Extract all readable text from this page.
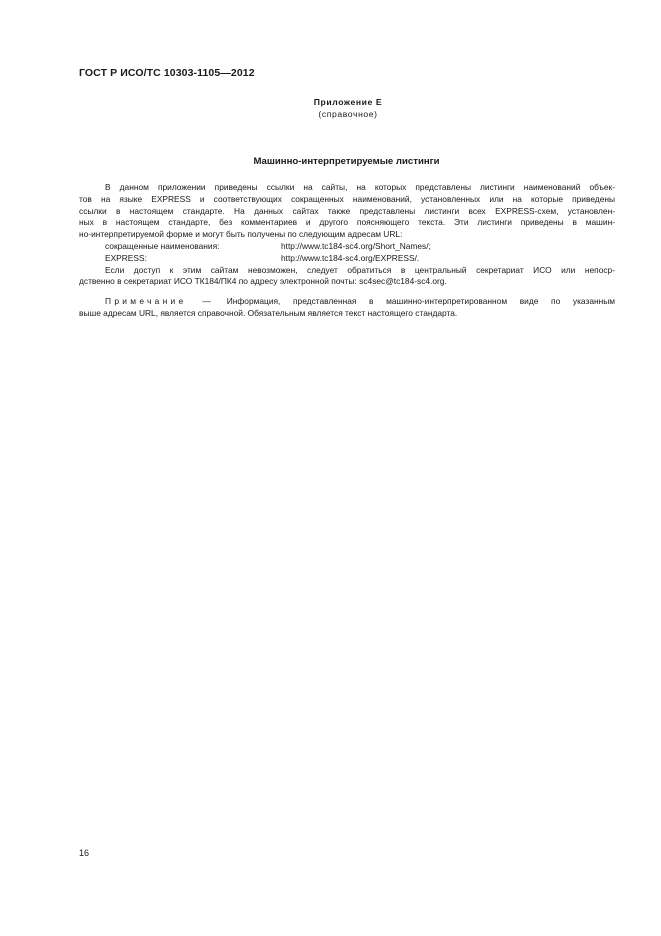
ГОСТ Р ИСО/ТС 10303-1105—2012
Приложение Е
(справочное)
Машинно-интерпретируемые листинги
В данном приложении приведены ссылки на сайты, на которых представлены листинги наименований объек-
тов на языке EXPRESS и соответствующих сокращенных наименований, установленных или на которые приведены
ссылки в настоящем стандарте. На данных сайтах также представлены листинги всех EXPRESS-схем, установлен-
ных в настоящем стандарте, без комментариев и другого поясняющего текста. Эти листинги приведены в машин-
но-интерпретируемой форме и могут быть получены по следующим адресам URL:
сокращенные наименования:	http://www.tc184-sc4.org/Short_Names/;
EXPRESS:	http://www.tc184-sc4.org/EXPRESS/.
Если доступ к этим сайтам невозможен, следует обратиться в центральный секретариат ИСО или непоср-
дственно в секретариат ИСО ТК184/ПК4 по адресу электронной почты: sc4sec@tc184-sc4.org.
Примечание — Информация, представленная в машинно-интерпретированном виде по указанным
выше адресам URL, является справочной. Обязательным является текст настоящего стандарта.
16
